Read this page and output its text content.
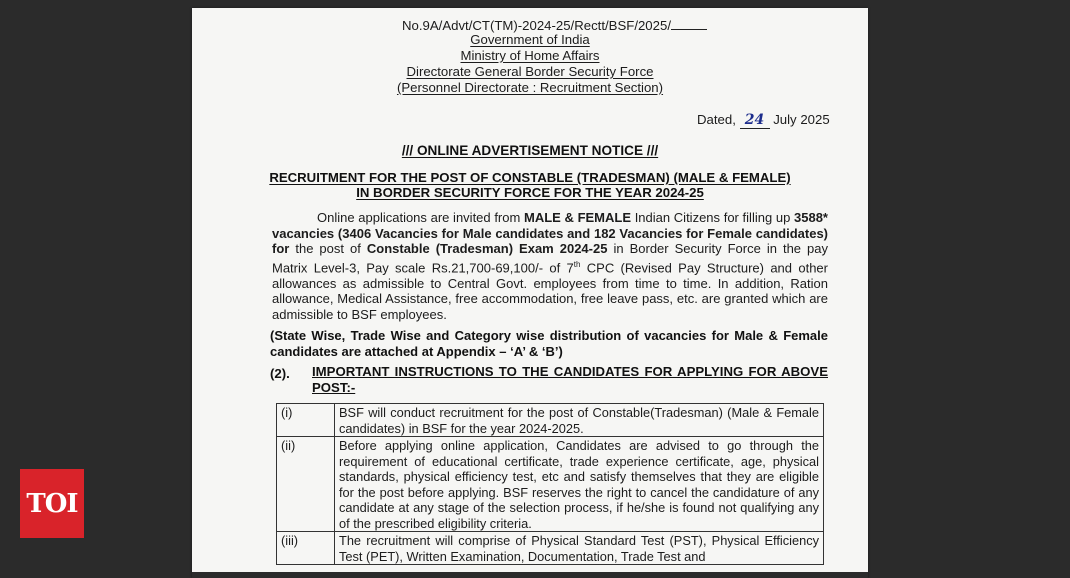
No.9A/Advt/CT(TM)-2024-25/Rectt/BSF/2025/
Government of India
Ministry of Home Affairs
Directorate General Border Security Force
(Personnel Directorate : Recruitment Section)
Dated, 24 July 2025
/// ONLINE ADVERTISEMENT NOTICE ///
RECRUITMENT FOR THE POST OF CONSTABLE (TRADESMAN) (MALE & FEMALE)
IN BORDER SECURITY FORCE FOR THE YEAR 2024-25
Online applications are invited from MALE & FEMALE Indian Citizens for filling up 3588* vacancies (3406 Vacancies for Male candidates and 182 Vacancies for Female candidates) for the post of Constable (Tradesman) Exam 2024-25 in Border Security Force in the pay Matrix Level-3, Pay scale Rs.21,700-69,100/- of 7th CPC (Revised Pay Structure) and other allowances as admissible to Central Govt. employees from time to time. In addition, Ration allowance, Medical Assistance, free accommodation, free leave pass, etc. are granted which are admissible to BSF employees.
(State Wise, Trade Wise and Category wise distribution of vacancies for Male & Female candidates are attached at Appendix – ‘A’ & ‘B’)
(2). IMPORTANT INSTRUCTIONS TO THE CANDIDATES FOR APPLYING FOR ABOVE POST:-
(i)	BSF will conduct recruitment for the post of Constable(Tradesman) (Male & Female candidates) in BSF for the year 2024-2025.
(ii)	Before applying online application, Candidates are advised to go through the requirement of educational certificate, trade experience certificate, age, physical standards, physical efficiency test, etc and satisfy themselves that they are eligible for the post before applying. BSF reserves the right to cancel the candidature of any candidate at any stage of the selection process, if he/she is found not qualifying any of the prescribed eligibility criteria.
(iii)	The recruitment will comprise of Physical Standard Test (PST), Physical Efficiency Test (PET), Written Examination, Documentation, Trade Test and
TOI
